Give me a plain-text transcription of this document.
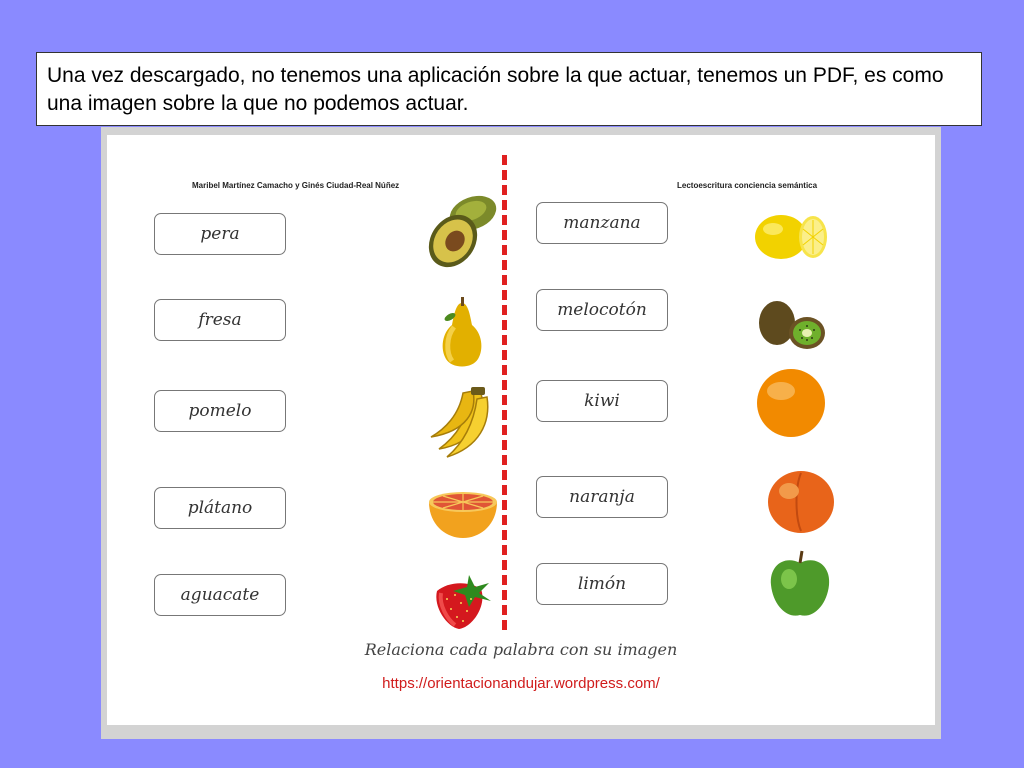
Una vez descargado, no tenemos una aplicación sobre la que actuar, tenemos un PDF, es como una imagen sobre la que no podemos actuar.
Maribel Martínez Camacho y Ginés Ciudad-Real Núñez	Lectoescritura conciencia semántica
pera
fresa
pomelo
plátano
aguacate
manzana
melocotón
kiwi
naranja
limón
Relaciona cada palabra con su imagen
https://orientacionandujar.wordpress.com/
